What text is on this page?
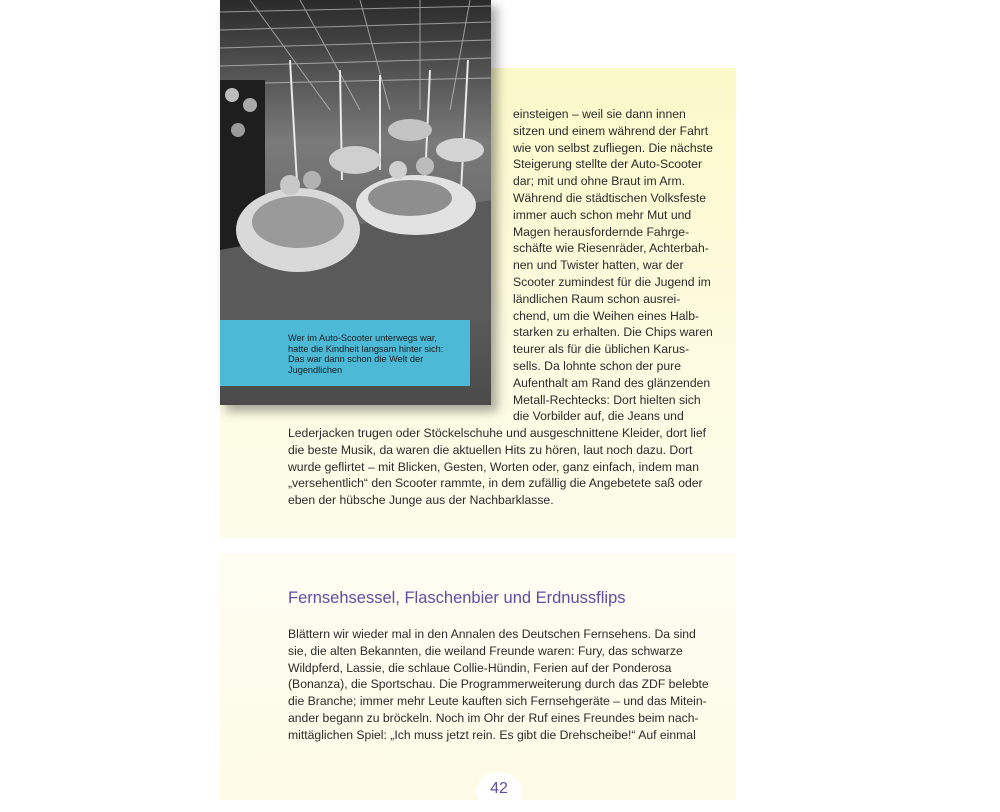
Wer im Auto-Scooter unterwegs war,
hatte die Kindheit langsam hinter sich:
Das war dann schon die Welt der
Jugendlichen
einsteigen – weil sie dann innen
sitzen und einem während der Fahrt
wie von selbst zufliegen. Die nächste
Steigerung stellte der Auto-Scooter
dar; mit und ohne Braut im Arm.
Während die städtischen Volksfeste
immer auch schon mehr Mut und
Magen herausfordernde Fahrge-
schäfte wie Riesenräder, Achterbah-
nen und Twister hatten, war der
Scooter zumindest für die Jugend im
ländlichen Raum schon ausrei-
chend, um die Weihen eines Halb-
starken zu erhalten. Die Chips waren
teurer als für die üblichen Karus-
sells. Da lohnte schon der pure
Aufenthalt am Rand des glänzenden
Metall-Rechtecks: Dort hielten sich
die Vorbilder auf, die Jeans und
Lederjacken trugen oder Stöckelschuhe und ausgeschnittene Kleider, dort lief
die beste Musik, da waren die aktuellen Hits zu hören, laut noch dazu. Dort
wurde geflirtet – mit Blicken, Gesten, Worten oder, ganz einfach, indem man
„versehentlich“ den Scooter rammte, in dem zufällig die Angebetete saß oder
eben der hübsche Junge aus der Nachbarklasse.
Fernsehsessel, Flaschenbier und Erdnussflips
Blättern wir wieder mal in den Annalen des Deutschen Fernsehens. Da sind
sie, die alten Bekannten, die weiland Freunde waren: Fury, das schwarze
Wildpferd, Lassie, die schlaue Collie-Hündin, Ferien auf der Ponderosa
(Bonanza), die Sportschau. Die Programmerweiterung durch das ZDF belebte
die Branche; immer mehr Leute kauften sich Fernsehgeräte – und das Mitein-
ander begann zu bröckeln. Noch im Ohr der Ruf eines Freundes beim nach-
mittäglichen Spiel: „Ich muss jetzt rein. Es gibt die Drehscheibe!“ Auf einmal
42
